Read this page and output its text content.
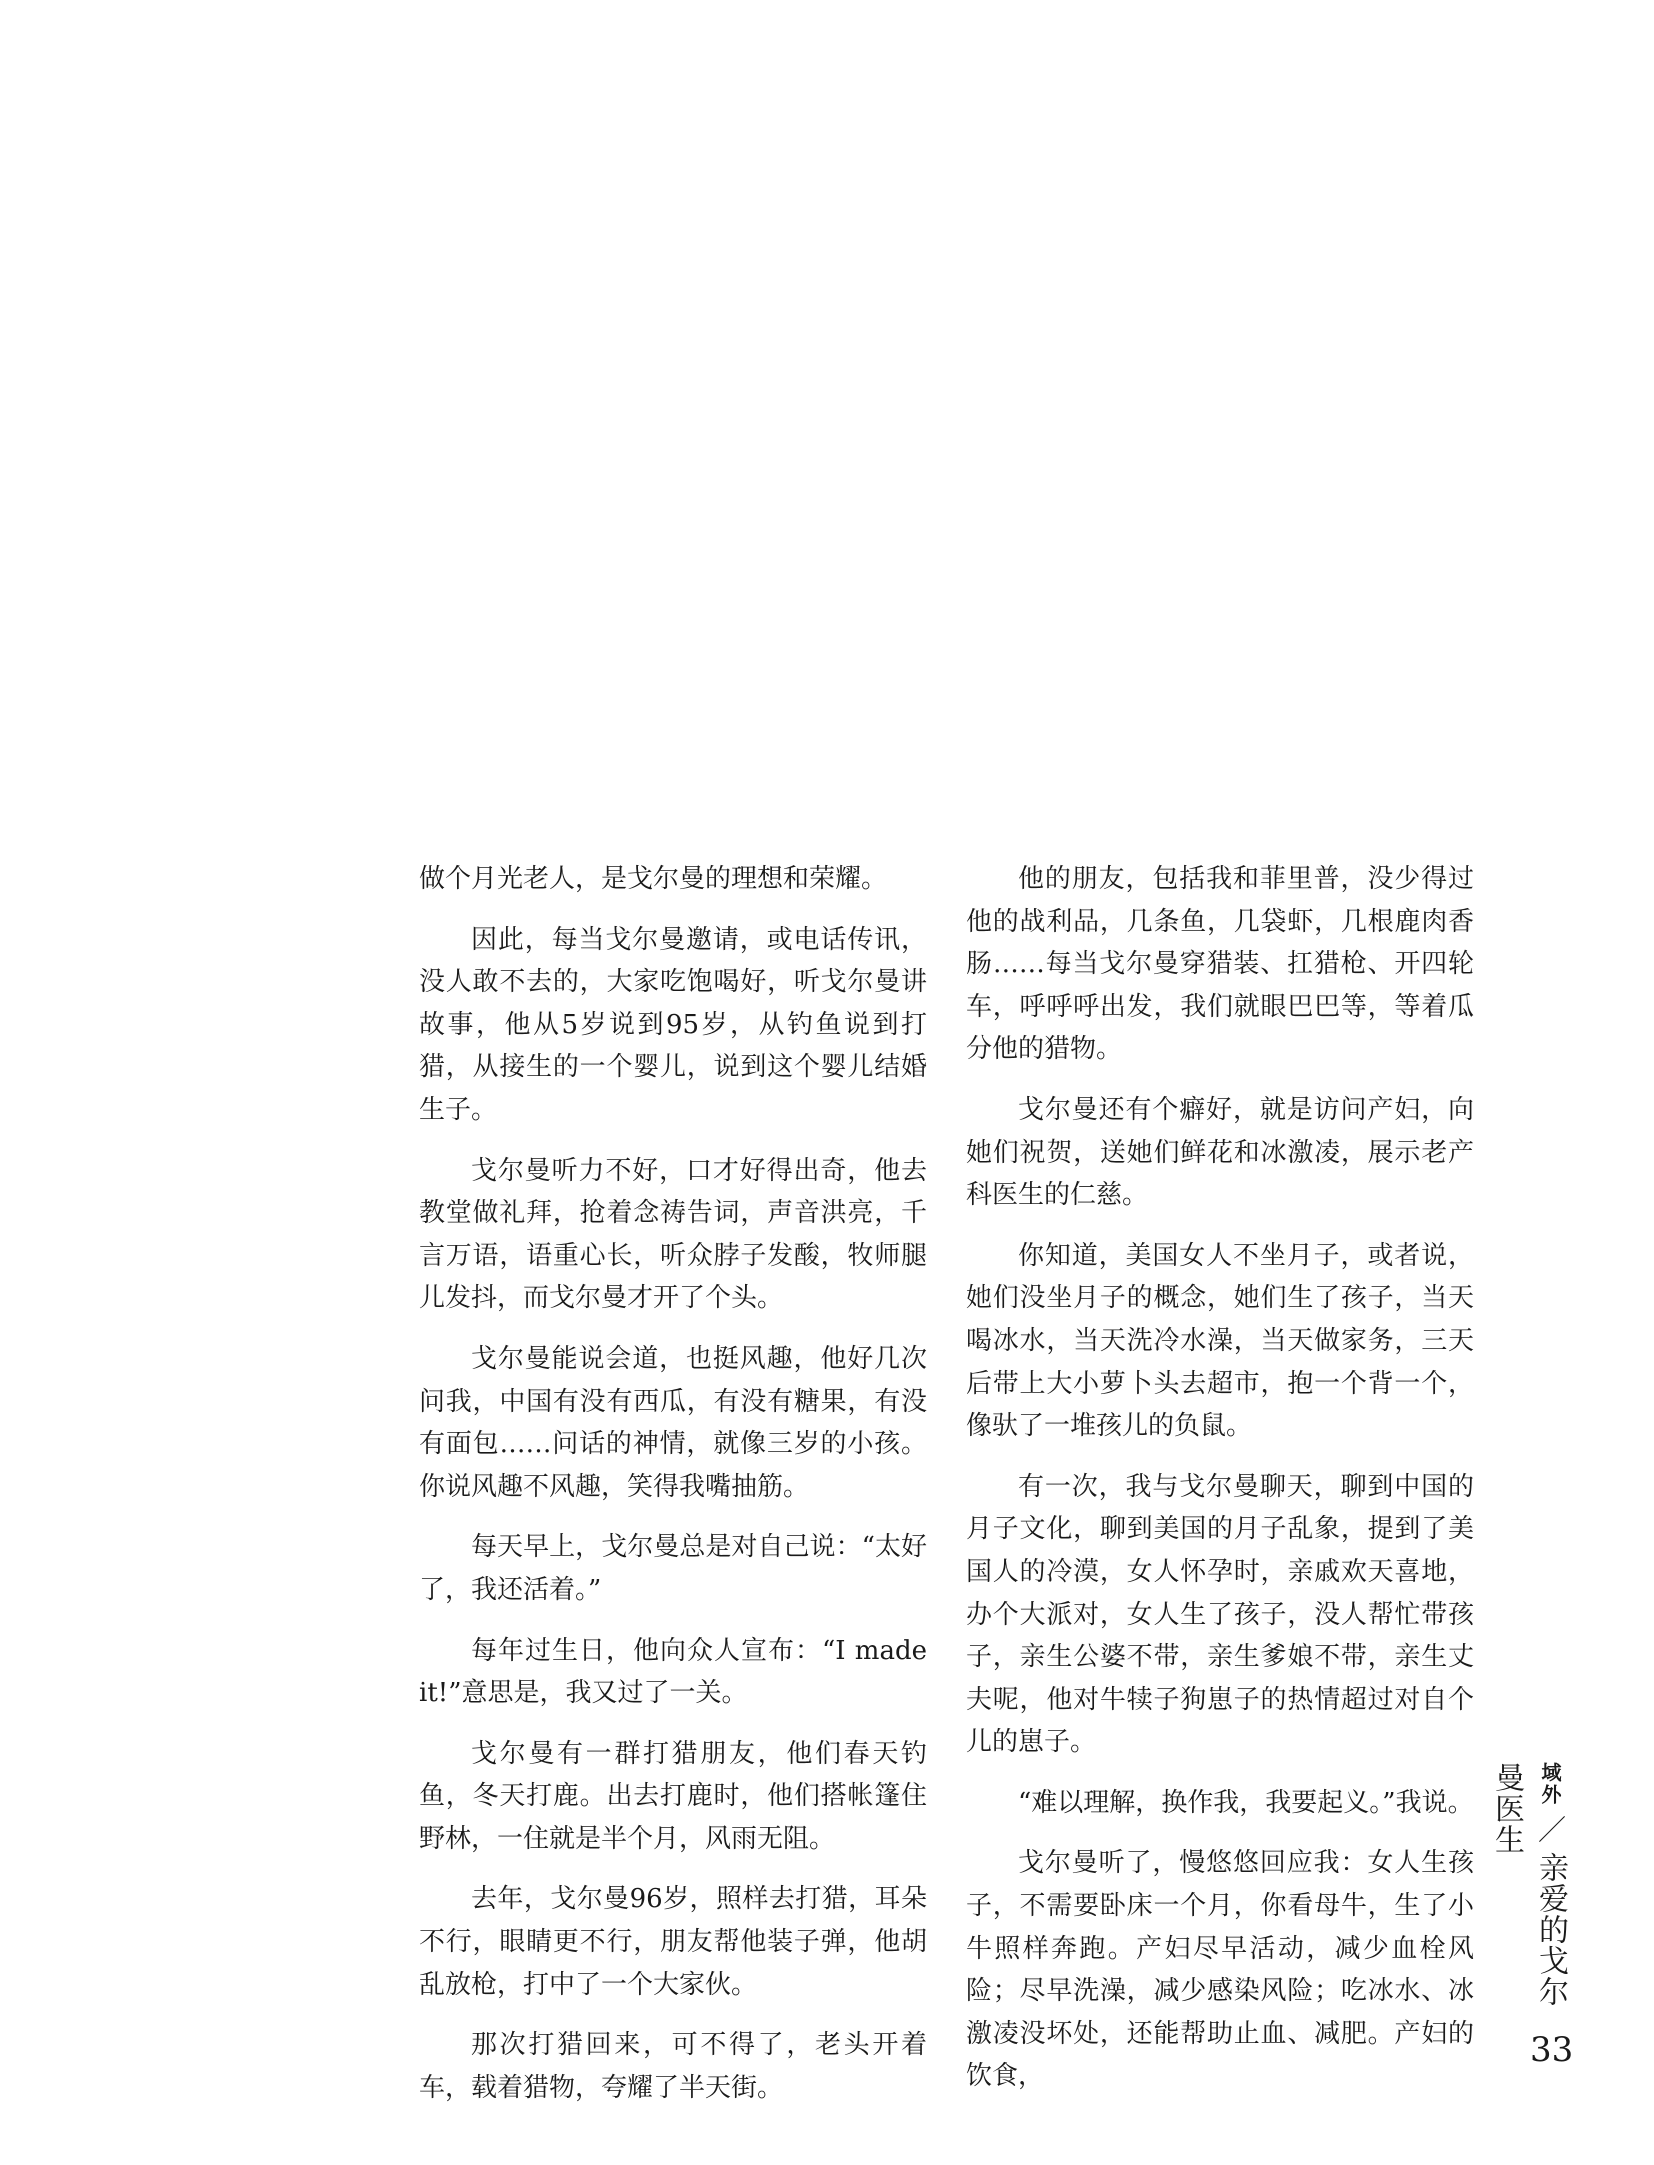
做个月光老人，是戈尔曼的理想和荣耀。

因此，每当戈尔曼邀请，或电话传讯，没人敢不去的，大家吃饱喝好，听戈尔曼讲故事，他从5岁说到95岁，从钓鱼说到打猎，从接生的一个婴儿，说到这个婴儿结婚生子。

戈尔曼听力不好，口才好得出奇，他去教堂做礼拜，抢着念祷告词，声音洪亮，千言万语，语重心长，听众脖子发酸，牧师腿儿发抖，而戈尔曼才开了个头。

戈尔曼能说会道，也挺风趣，他好几次问我，中国有没有西瓜，有没有糖果，有没有面包……问话的神情，就像三岁的小孩。你说风趣不风趣，笑得我嘴抽筋。

每天早上，戈尔曼总是对自己说：“太好了，我还活着。”

每年过生日，他向众人宣布：“I made it!”意思是，我又过了一关。

戈尔曼有一群打猎朋友，他们春天钓鱼，冬天打鹿。出去打鹿时，他们搭帐篷住野林，一住就是半个月，风雨无阻。

去年，戈尔曼96岁，照样去打猎，耳朵不行，眼睛更不行，朋友帮他装子弹，他胡乱放枪，打中了一个大家伙。

那次打猎回来，可不得了，老头开着车，载着猎物，夸耀了半天街。

他的朋友，包括我和菲里普，没少得过他的战利品，几条鱼，几袋虾，几根鹿肉香肠……每当戈尔曼穿猎装、扛猎枪、开四轮车，呼呼呼出发，我们就眼巴巴等，等着瓜分他的猎物。

戈尔曼还有个癖好，就是访问产妇，向她们祝贺，送她们鲜花和冰激凌，展示老产科医生的仁慈。

你知道，美国女人不坐月子，或者说，她们没坐月子的概念，她们生了孩子，当天喝冰水，当天洗冷水澡，当天做家务，三天后带上大小萝卜头去超市，抱一个背一个，像驮了一堆孩儿的负鼠。

有一次，我与戈尔曼聊天，聊到中国的月子文化，聊到美国的月子乱象，提到了美国人的冷漠，女人怀孕时，亲戚欢天喜地，办个大派对，女人生了孩子，没人帮忙带孩子，亲生公婆不带，亲生爹娘不带，亲生丈夫呢，他对牛犊子狗崽子的热情超过对自个儿的崽子。

“难以理解，换作我，我要起义。”我说。

戈尔曼听了，慢悠悠回应我：女人生孩子，不需要卧床一个月，你看母牛，生了小牛照样奔跑。产妇尽早活动，减少血栓风险；尽早洗澡，减少感染风险；吃冰水、冰激凌没坏处，还能帮助止血、减肥。产妇的饮食，

域外 ／ 亲爱的戈尔曼医生
33
